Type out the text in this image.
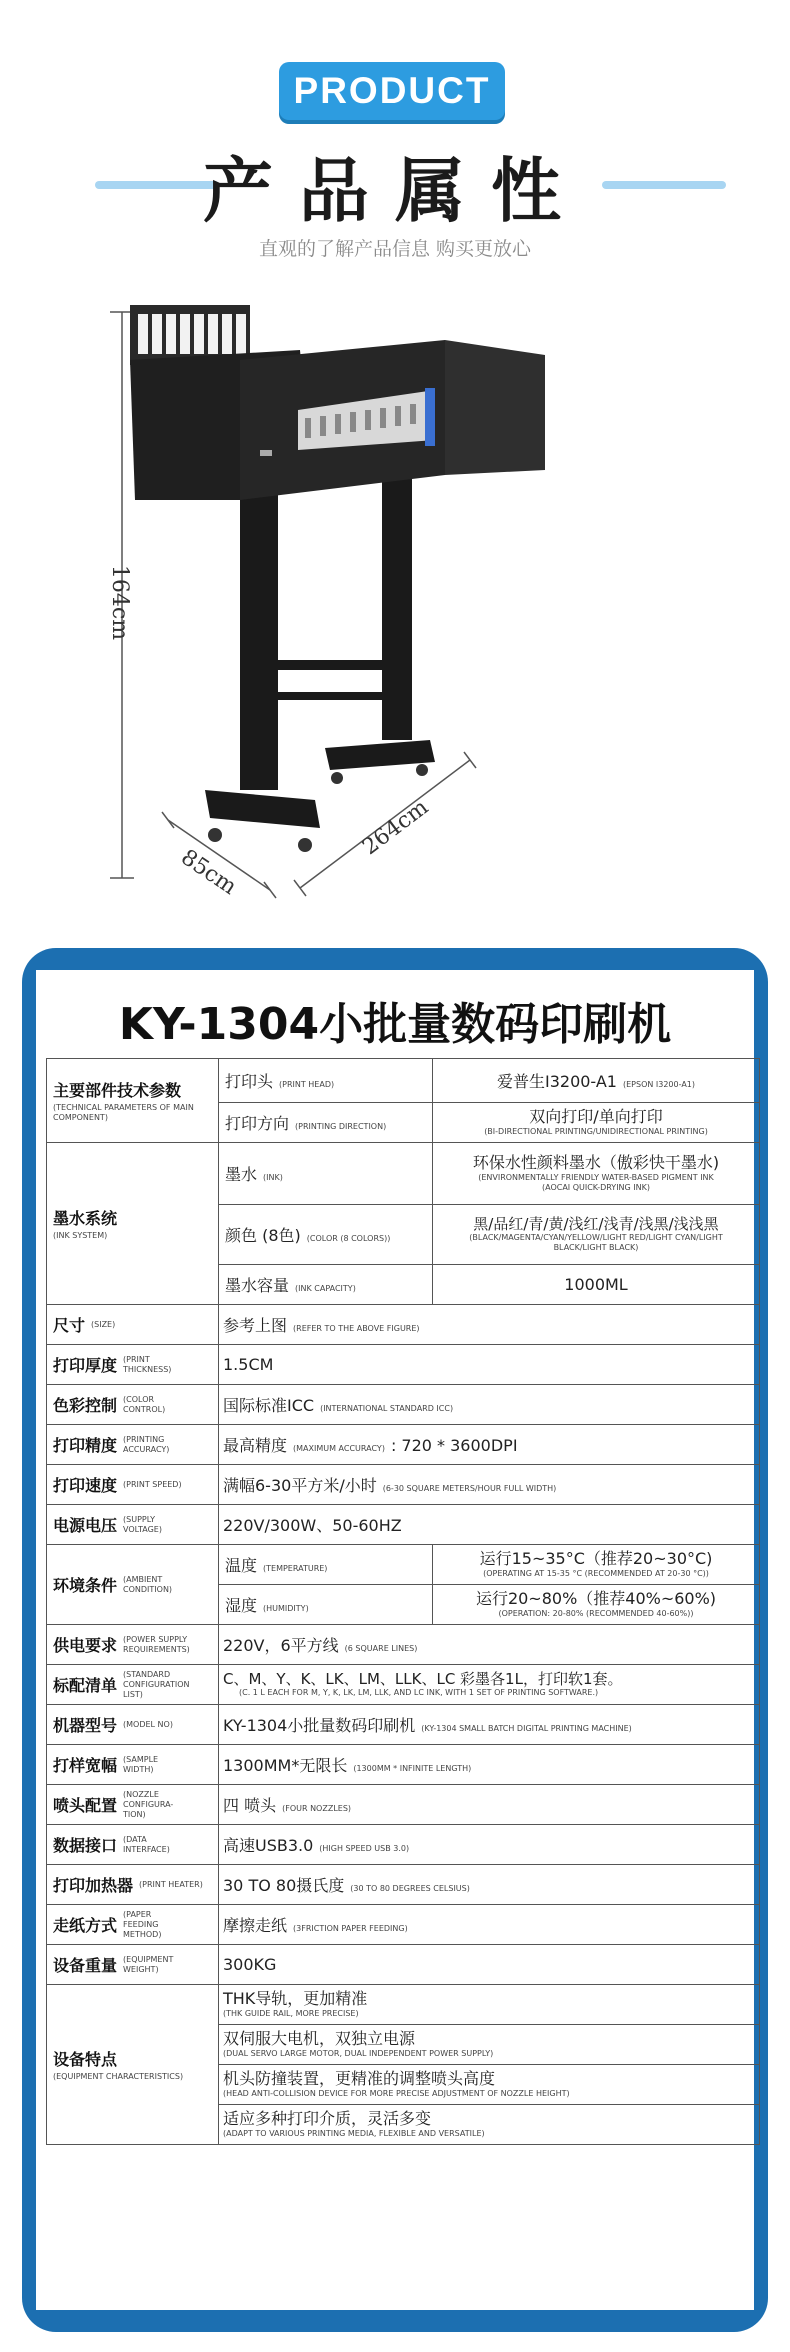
PRODUCT
产品属性
直观的了解产品信息 购买更放心
164cm
85cm
264cm
KY-1304小批量数码印刷机
主要部件技术参数
(TECHNICAL PARAMETERS OF MAIN COMPONENT)	打印头 (PRINT HEAD)	爱普生I3200-A1 (EPSON I3200-A1)

	打印方向 (PRINTING DIRECTION)	双向打印/单向打印
(BI-DIRECTIONAL PRINTING/UNIDIRECTIONAL PRINTING)

墨水系统
(INK SYSTEM)	墨水 (INK)	环保水性颜料墨水（傲彩快干墨水)
(ENVIRONMENTALLY FRIENDLY WATER-BASED PIGMENT INK (AOCAI QUICK-DRYING INK)

	颜色 (8色) (COLOR (8 COLORS))	黑/品红/青/黄/浅红/浅青/浅黑/浅浅黑
(BLACK/MAGENTA/CYAN/YELLOW/LIGHT RED/LIGHT CYAN/LIGHT BLACK/LIGHT BLACK)

	墨水容量 (INK CAPACITY)	1000ML

尺寸 (SIZE)	参考上图 (REFER TO THE ABOVE FIGURE)	

打印厚度 (PRINT THICKNESS)	1.5CM	

色彩控制 (COLOR CONTROL)	国际标准ICC (INTERNATIONAL STANDARD ICC)	

打印精度 (PRINTING ACCURACY)	最高精度 (MAXIMUM ACCURACY) : 720 * 3600DPI	

打印速度 (PRINT SPEED)	满幅6-30平方米/小时 (6-30 SQUARE METERS/HOUR FULL WIDTH)	

电源电压 (SUPPLY VOLTAGE)	220V/300W、50-60HZ	

环境条件 (AMBIENT CONDITION)	温度 (TEMPERATURE)	运行15~35°C（推荐20~30°C)
(OPERATING AT 15-35 °C (RECOMMENDED AT 20-30 °C))

	湿度 (HUMIDITY)	运行20~80%（推荐40%~60%)
(OPERATION: 20-80% (RECOMMENDED 40-60%))

供电要求 (POWER SUPPLY REQUIREMENTS)	220V，6平方线 (6 SQUARE LINES)	

标配清单
(STANDARD CONFIGURATION LIST)	C、M、Y、K、LK、LM、LLK、LC 彩墨各1L，打印软1套。
(C. 1 L EACH FOR M, Y, K, LK, LM, LLK, AND LC INK, WITH 1 SET OF PRINTING SOFTWARE.)	

机器型号 (MODEL NO)	KY-1304小批量数码印刷机 (KY-1304 SMALL BATCH DIGITAL PRINTING MACHINE)	

打样宽幅 (SAMPLE WIDTH)	1300MM*无限长 (1300MM * INFINITE LENGTH)	

喷头配置
(NOZZLE CONFIGURA-TION)	四 喷头 (FOUR NOZZLES)	

数据接口 (DATA INTERFACE)	高速USB3.0 (HIGH SPEED USB 3.0)	

打印加热器 (PRINT HEATER)	30 TO 80摄氏度 (30 TO 80 DEGREES CELSIUS)	

走纸方式
(PAPER FEEDING METHOD)	摩擦走纸 (3FRICTION PAPER FEEDING)	

设备重量 (EQUIPMENT WEIGHT)	300KG	

设备特点
(EQUIPMENT CHARACTERISTICS)	THK导轨，更加精准
(THK GUIDE RAIL, MORE PRECISE)	

	双伺服大电机，双独立电源
(DUAL SERVO LARGE MOTOR, DUAL INDEPENDENT POWER SUPPLY)	

	机头防撞装置，更精准的调整喷头高度
(HEAD ANTI-COLLISION DEVICE FOR MORE PRECISE ADJUSTMENT OF NOZZLE HEIGHT)	

	适应多种打印介质，灵活多变
(ADAPT TO VARIOUS PRINTING MEDIA, FLEXIBLE AND VERSATILE)	
